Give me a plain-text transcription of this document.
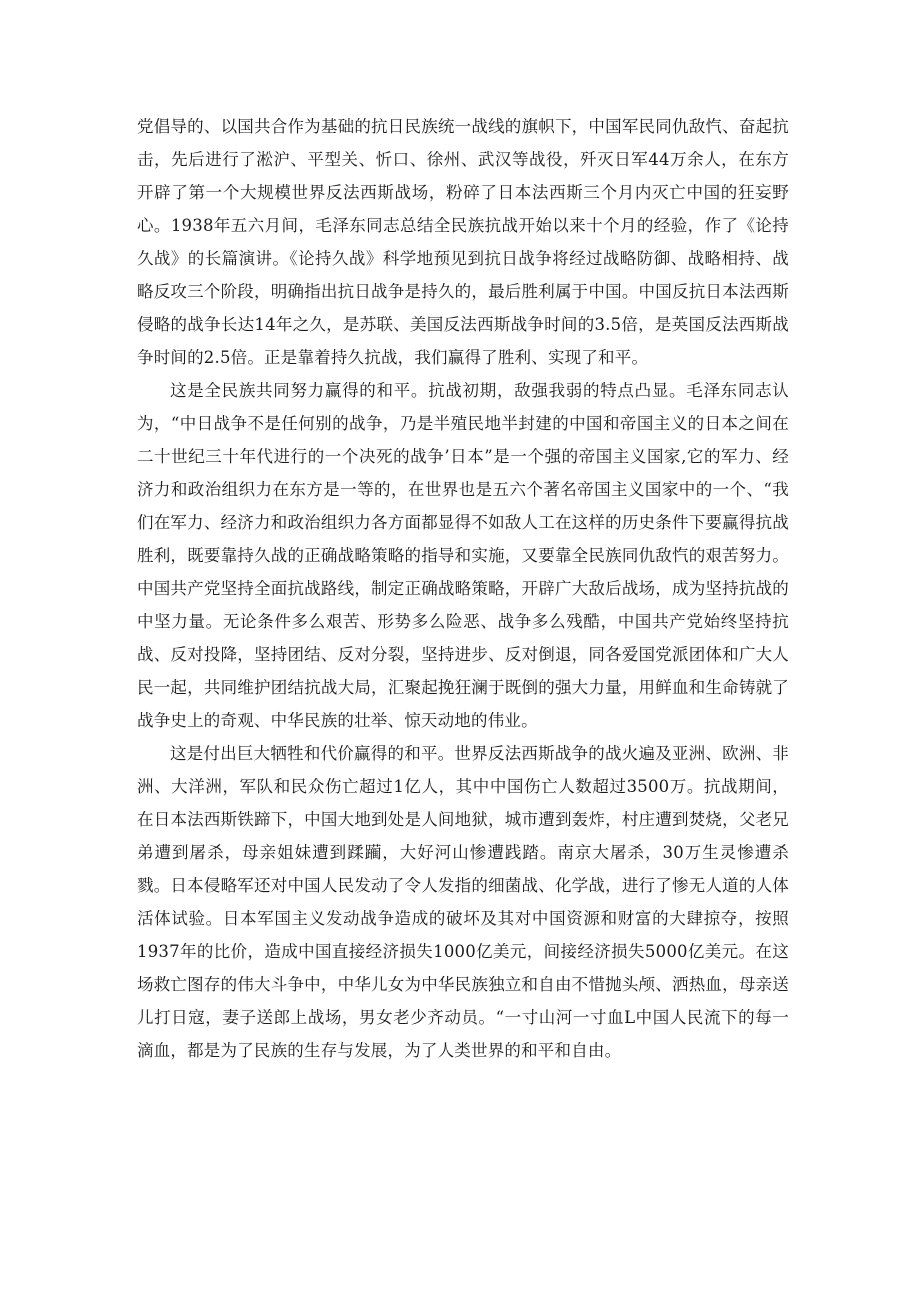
党倡导的、以国共合作为基础的抗日民族统一战线的旗帜下，中国军民同仇敌忾、奋起抗击，先后进行了淞沪、平型关、忻口、徐州、武汉等战役，歼灭日军44万余人，在东方开辟了第一个大规模世界反法西斯战场，粉碎了日本法西斯三个月内灭亡中国的狂妄野心。1938年五六月间，毛泽东同志总结全民族抗战开始以来十个月的经验，作了《论持久战》的长篇演讲。《论持久战》科学地预见到抗日战争将经过战略防御、战略相持、战略反攻三个阶段，明确指出抗日战争是持久的，最后胜利属于中国。中国反抗日本法西斯侵略的战争长达14年之久，是苏联、美国反法西斯战争时间的3.5倍，是英国反法西斯战争时间的2.5倍。正是靠着持久抗战，我们赢得了胜利、实现了和平。

这是全民族共同努力赢得的和平。抗战初期，敌强我弱的特点凸显。毛泽东同志认为，“中日战争不是任何别的战争，乃是半殖民地半封建的中国和帝国主义的日本之间在二十世纪三十年代进行的一个决死的战争’日本”是一个强的帝国主义国家,它的军力、经济力和政治组织力在东方是一等的，在世界也是五六个著名帝国主义国家中的一个、“我们在军力、经济力和政治组织力各方面都显得不如敌人工在这样的历史条件下要赢得抗战胜利，既要靠持久战的正确战略策略的指导和实施，又要靠全民族同仇敌忾的艰苦努力。中国共产党坚持全面抗战路线，制定正确战略策略，开辟广大敌后战场，成为坚持抗战的中坚力量。无论条件多么艰苦、形势多么险恶、战争多么残酷，中国共产党始终坚持抗战、反对投降，坚持团结、反对分裂，坚持进步、反对倒退，同各爱国党派团体和广大人民一起，共同维护团结抗战大局，汇聚起挽狂澜于既倒的强大力量，用鲜血和生命铸就了战争史上的奇观、中华民族的壮举、惊天动地的伟业。

这是付出巨大牺牲和代价赢得的和平。世界反法西斯战争的战火遍及亚洲、欧洲、非洲、大洋洲，军队和民众伤亡超过1亿人，其中中国伤亡人数超过3500万。抗战期间，在日本法西斯铁蹄下，中国大地到处是人间地狱，城市遭到轰炸，村庄遭到焚烧，父老兄弟遭到屠杀，母亲姐妹遭到蹂躏，大好河山惨遭践踏。南京大屠杀，30万生灵惨遭杀戮。日本侵略军还对中国人民发动了令人发指的细菌战、化学战，进行了惨无人道的人体活体试验。日本军国主义发动战争造成的破坏及其对中国资源和财富的大肆掠夺，按照1937年的比价，造成中国直接经济损失1000亿美元，间接经济损失5000亿美元。在这场救亡图存的伟大斗争中，中华儿女为中华民族独立和自由不惜抛头颅、洒热血，母亲送儿打日寇，妻子送郎上战场，男女老少齐动员。“一寸山河一寸血L中国人民流下的每一滴血，都是为了民族的生存与发展，为了人类世界的和平和自由。
